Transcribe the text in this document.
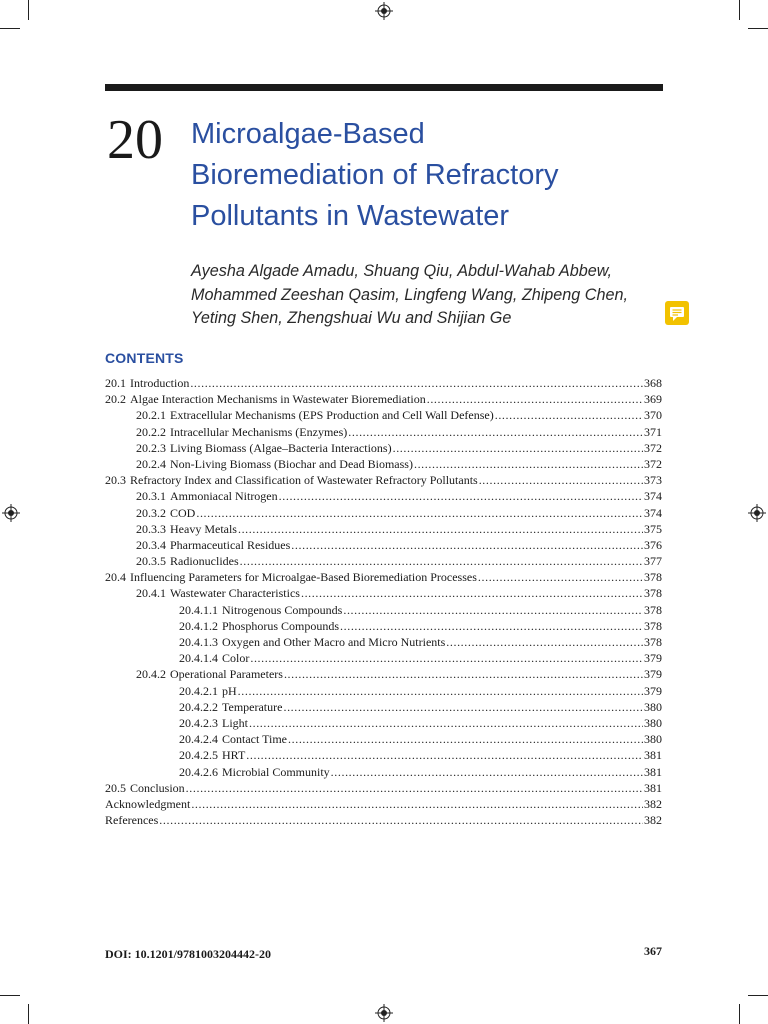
20 Microalgae-Based
Bioremediation of Refractory
Pollutants in Wastewater
Ayesha Algade Amadu, Shuang Qiu, Abdul-Wahab Abbew,
Mohammed Zeeshan Qasim, Lingfeng Wang, Zhipeng Chen,
Yeting Shen, Zhengshuai Wu and Shijian Ge
CONTENTS
20.1 Introduction .....	368
20.2 Algae Interaction Mechanisms in Wastewater Bioremediation .....	369
20.2.1 Extracellular Mechanisms (EPS Production and Cell Wall Defense) .....	370
20.2.2 Intracellular Mechanisms (Enzymes) .....	371
20.2.3 Living Biomass (Algae–Bacteria Interactions) .....	372
20.2.4 Non-Living Biomass (Biochar and Dead Biomass) .....	372
20.3 Refractory Index and Classification of Wastewater Refractory Pollutants .....	373
20.3.1 Ammoniacal Nitrogen .....	374
20.3.2 COD .....	374
20.3.3 Heavy Metals .....	375
20.3.4 Pharmaceutical Residues .....	376
20.3.5 Radionuclides .....	377
20.4 Influencing Parameters for Microalgae-Based Bioremediation Processes .....	378
20.4.1 Wastewater Characteristics .....	378
20.4.1.1 Nitrogenous Compounds .....	378
20.4.1.2 Phosphorus Compounds .....	378
20.4.1.3 Oxygen and Other Macro and Micro Nutrients .....	378
20.4.1.4 Color .....	379
20.4.2 Operational Parameters .....	379
20.4.2.1 pH .....	379
20.4.2.2 Temperature .....	380
20.4.2.3 Light .....	380
20.4.2.4 Contact Time .....	380
20.4.2.5 HRT .....	381
20.4.2.6 Microbial Community .....	381
20.5 Conclusion .....	381
Acknowledgment .....	382
References .....	382
DOI: 10.1201/9781003204442-20	367
